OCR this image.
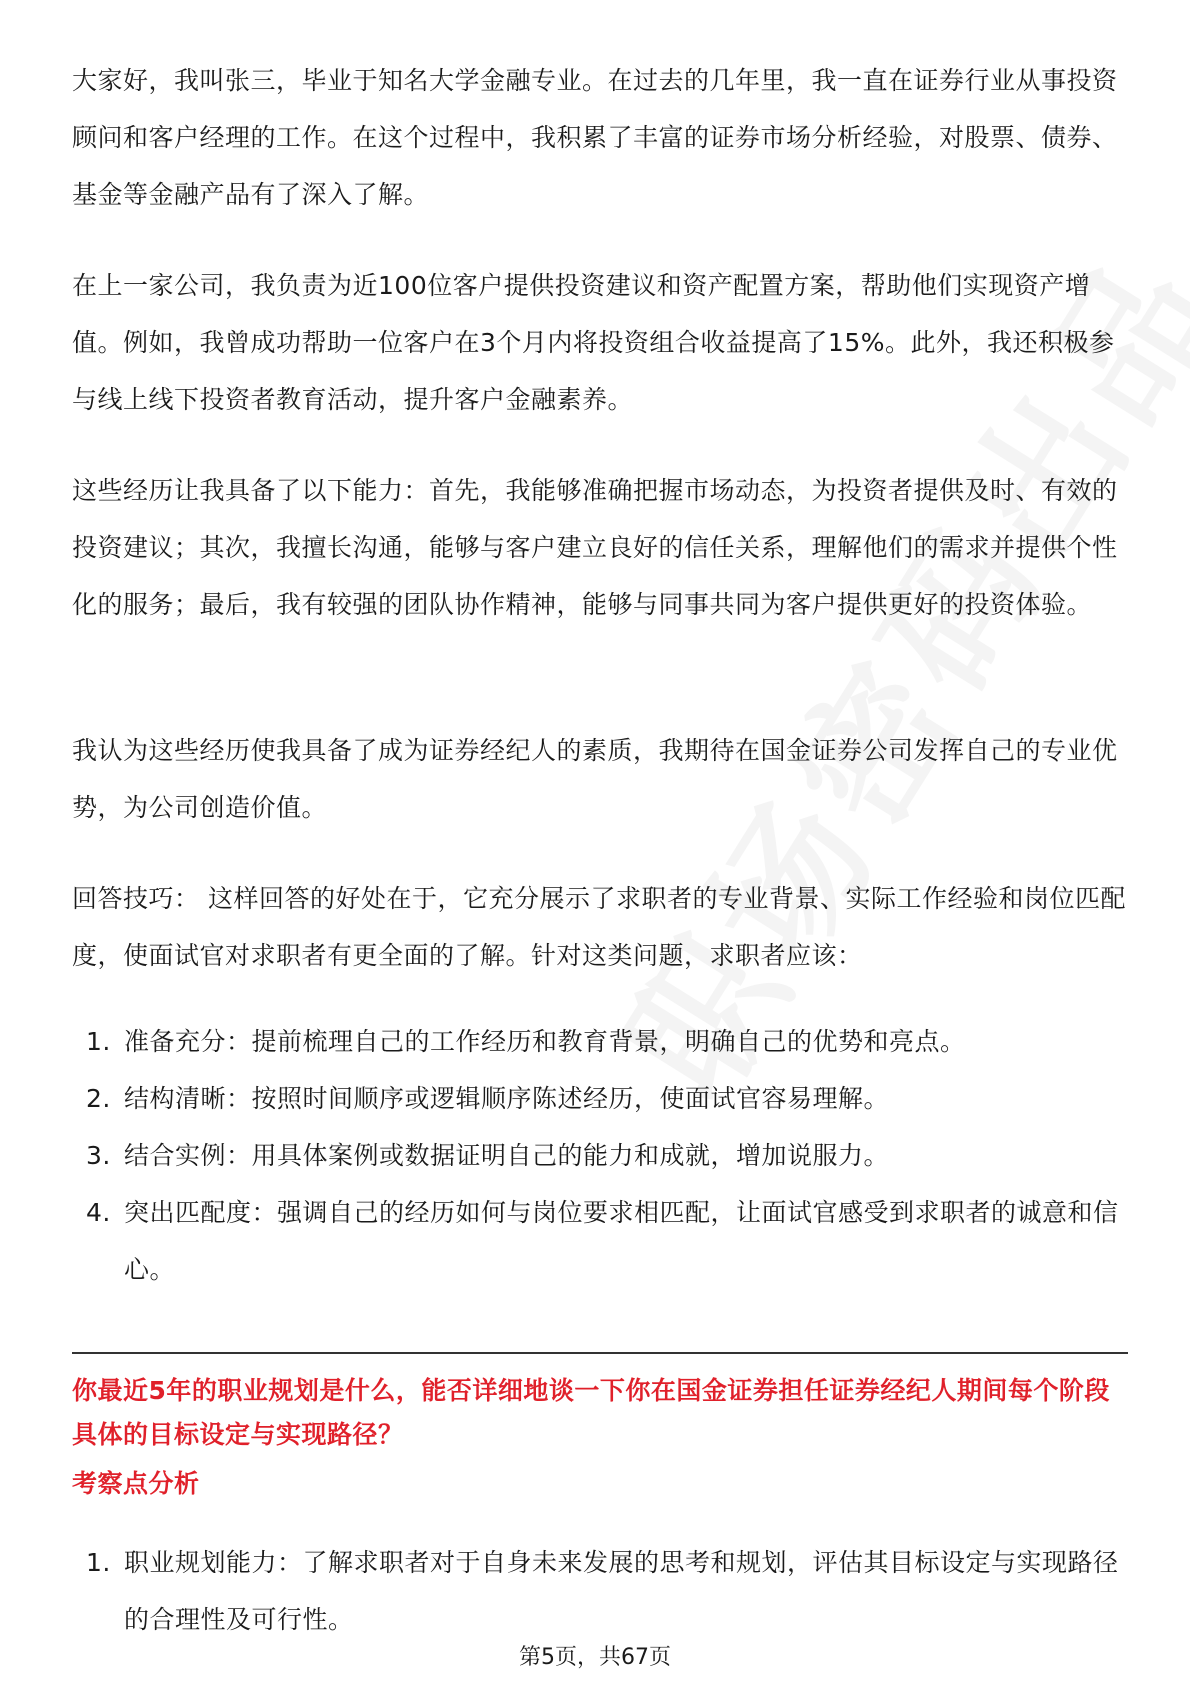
大家好，我叫张三，毕业于知名大学金融专业。在过去的几年里，我一直在证券行业从事投资顾问和客户经理的工作。在这个过程中，我积累了丰富的证券市场分析经验，对股票、债券、基金等金融产品有了深入了解。

在上一家公司，我负责为近100位客户提供投资建议和资产配置方案，帮助他们实现资产增值。例如，我曾成功帮助一位客户在3个月内将投资组合收益提高了15%。此外，我还积极参与线上线下投资者教育活动，提升客户金融素养。

这些经历让我具备了以下能力：首先，我能够准确把握市场动态，为投资者提供及时、有效的投资建议；其次，我擅长沟通，能够与客户建立良好的信任关系，理解他们的需求并提供个性化的服务；最后，我有较强的团队协作精神，能够与同事共同为客户提供更好的投资体验。

我认为这些经历使我具备了成为证券经纪人的素质，我期待在国金证券公司发挥自己的专业优势，为公司创造价值。

回答技巧： 这样回答的好处在于，它充分展示了求职者的专业背景、实际工作经验和岗位匹配度，使面试官对求职者有更全面的了解。针对这类问题，求职者应该：

1. 准备充分：提前梳理自己的工作经历和教育背景，明确自己的优势和亮点。
2. 结构清晰：按照时间顺序或逻辑顺序陈述经历，使面试官容易理解。
3. 结合实例：用具体案例或数据证明自己的能力和成就，增加说服力。
4. 突出匹配度：强调自己的经历如何与岗位要求相匹配，让面试官感受到求职者的诚意和信心。

你最近5年的职业规划是什么，能否详细地谈一下你在国金证券担任证券经纪人期间每个阶段具体的目标设定与实现路径？

考察点分析

1. 职业规划能力：了解求职者对于自身未来发展的思考和规划，评估其目标设定与实现路径的合理性及可行性。
第5页，共67页
